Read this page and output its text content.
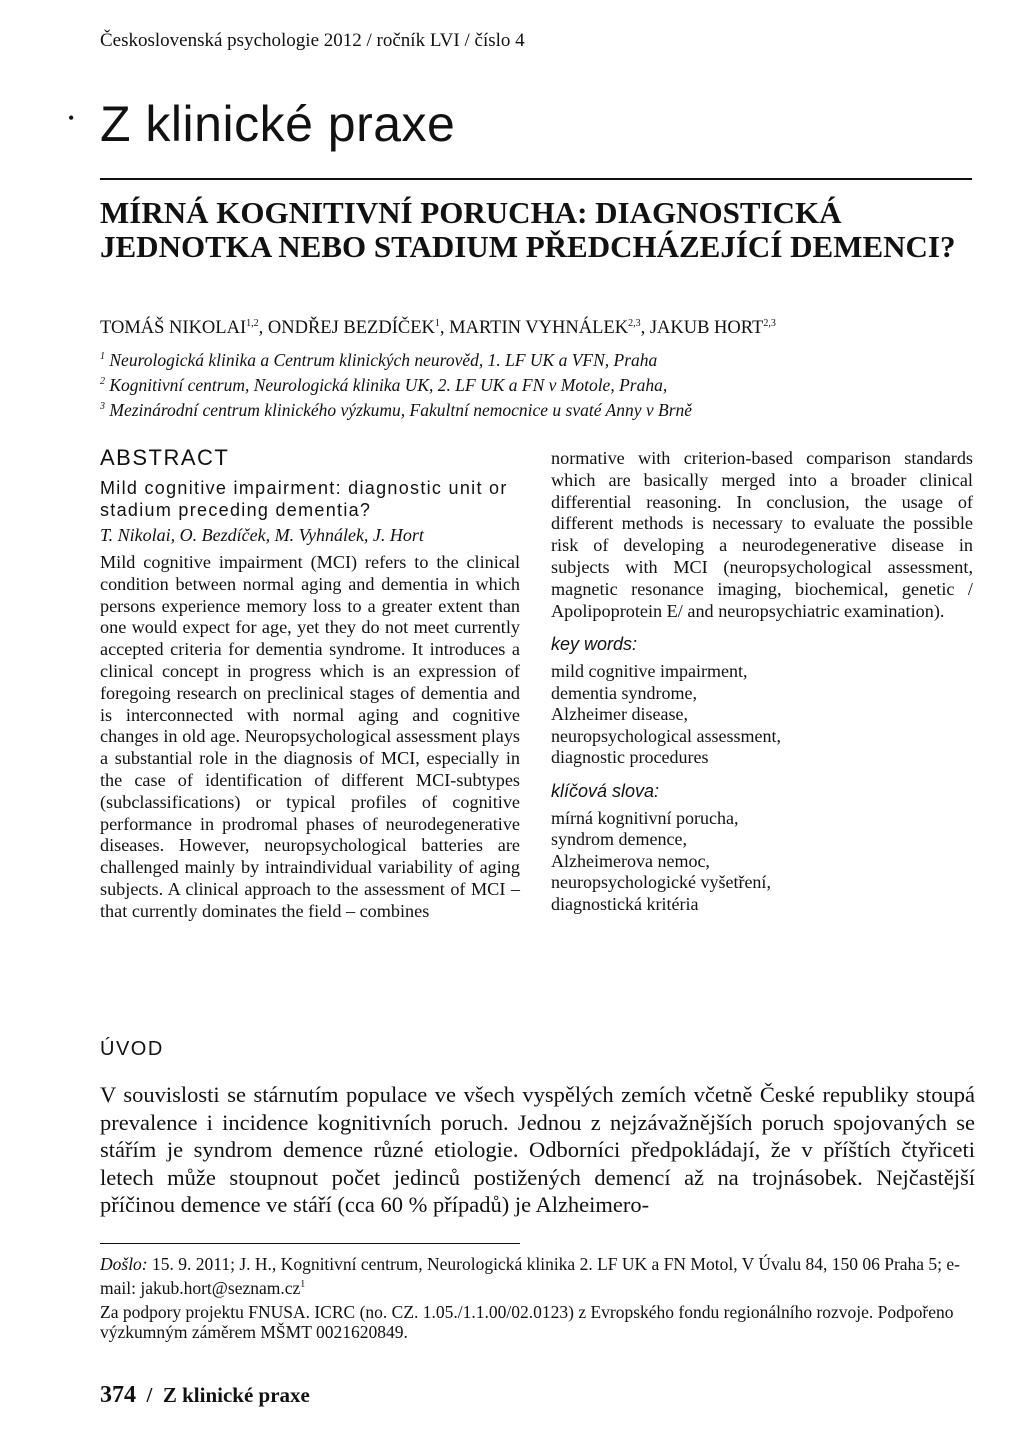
Československá psychologie 2012 / ročník LVI / číslo 4
• Z klinické praxe
MÍRNÁ KOGNITIVNÍ PORUCHA: DIAGNOSTICKÁ JEDNOTKA NEBO STADIUM PŘEDCHÁZEJÍCÍ DEMENCI?
TOMÁŠ NIKOLAI$^{1,2}$, ONDŘEJ BEZDÍČEK$^1$, MARTIN VYHNÁLEK$^{2,3}$, JAKUB HORT$^{2,3}$
$^1$ Neurologická klinika a Centrum klinických neurověd, 1. LF UK a VFN, Praha
$^2$ Kognitivní centrum, Neurologická klinika UK, 2. LF UK a FN v Motole, Praha,
$^3$ Mezinárodní centrum klinického výzkumu, Fakultní nemocnice u svaté Anny v Brně
ABSTRACT
Mild cognitive impairment: diagnostic unit or stadium preceding dementia?
T. Nikolai, O. Bezdíček, M. Vyhnálek, J. Hort

Mild cognitive impairment (MCI) refers to the clinical condition between normal aging and dementia in which persons experience memory loss to a greater extent than one would expect for age, yet they do not meet currently accepted criteria for dementia syndrome. It introduces a clinical concept in progress which is an expression of foregoing research on preclinical stages of dementia and is interconnected with normal aging and cognitive changes in old age. Neuropsychological assessment plays a substantial role in the diagnosis of MCI, especially in the case of identification of different MCI-subtypes (subclassifications) or typical profiles of cognitive performance in prodromal phases of neurodegenerative diseases. However, neuropsychological batteries are challenged mainly by intraindividual variability of aging subjects. A clinical approach to the assessment of MCI – that currently dominates the field – combines

normative with criterion-based comparison standards which are basically merged into a broader clinical differential reasoning. In conclusion, the usage of different methods is necessary to evaluate the possible risk of developing a neurodegenerative disease in subjects with MCI (neuropsychological assessment, magnetic resonance imaging, biochemical, genetic / Apolipoprotein E/ and neuropsychiatric examination).

key words:
mild cognitive impairment,
dementia syndrome,
Alzheimer disease,
neuropsychological assessment,
diagnostic procedures
klíčová slova:
mírná kognitivní porucha,
syndrom demence,
Alzheimerova nemoc,
neuropsychologické vyšetření,
diagnostická kritéria
ÚVOD

V souvislosti se stárnutím populace ve všech vyspělých zemích včetně České republiky stoupá prevalence i incidence kognitivních poruch. Jednou z nejzávažnějších poruch spojovaných se stářím je syndrom demence různé etiologie. Odborníci předpokládají, že v příštích čtyřiceti letech může stoupnout počet jedinců postižených demencí až na trojnásobek. Nejčastější příčinou demence ve stáří (cca 60 % případů) je Alzheimero-

Došlo: 15. 9. 2011; J. H., Kognitivní centrum, Neurologická klinika 2. LF UK a FN Motol, V Úvalu 84, 150 06 Praha 5; e-mail: $jakub.hort@seznam.cz^1$

Za podpory projektu FNUSA. ICRC (no. CZ. 1.05./1.1.00/02.0123) z Evropského fondu regionálního rozvoje. Podpořeno výzkumným záměrem MŠMT 0021620849.

374 / Z klinické praxe
